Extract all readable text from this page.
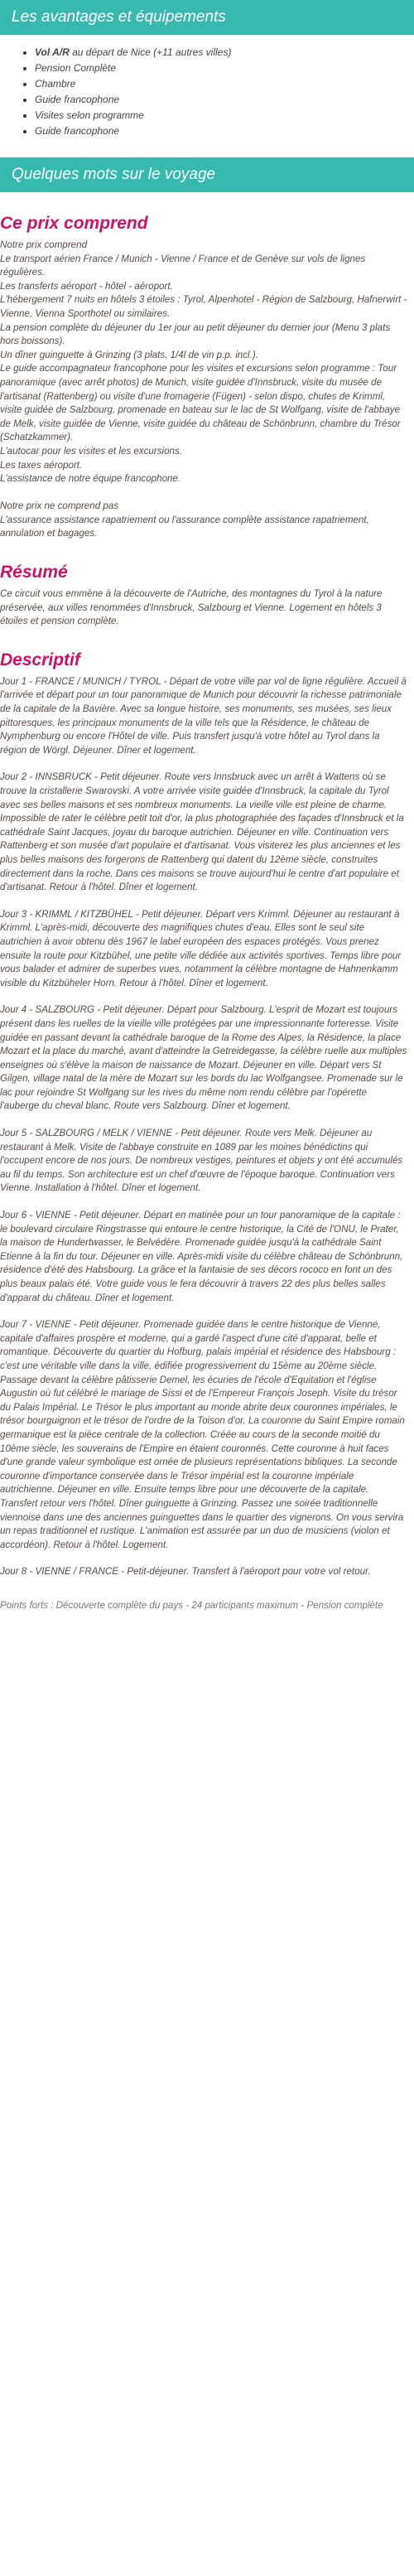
Les avantages et équipements
• Vol A/R au départ de Nice (+11 autres villes)
• Pension Complète
• Chambre
• Guide francophone
• Visites selon programme
• Guide francophone
Quelques mots sur le voyage
Ce prix comprend

Notre prix comprend
Le transport aérien France / Munich - Vienne / France et de Genève sur vols de lignes régulières.
Les transferts aéroport - hôtel - aéroport.
L'hébergement 7 nuits en hôtels 3 étoiles : Tyrol, Alpenhotel - Région de Salzbourg, Hafnerwirt - Vienne, Vienna Sporthotel ou similaires.
La pension complète du déjeuner du 1er jour au petit déjeuner du dernier jour (Menu 3 plats hors boissons).
Un dîner guinguette à Grinzing (3 plats, 1/4l de vin p.p. incl.).
Le guide accompagnateur francophone pour les visites et excursions selon programme : Tour panoramique (avec arrêt photos) de Munich, visite guidée d'Innsbruck, visite du musée de l'artisanat (Rattenberg) ou visite d'une fromagerie (Fügen) - selon dispo, chutes de Krimml, visite guidée de Salzbourg, promenade en bateau sur le lac de St Wolfgang, visite de l'abbaye de Melk, visite guidée de Vienne, visite guidée du château de Schönbrunn, chambre du Trésor (Schatzkammer).
L'autocar pour les visites et les excursions.
Les taxes aéroport.
L'assistance de notre équipe francophone.

Notre prix ne comprend pas
L'assurance assistance rapatriement ou l'assurance complète assistance rapatriement, annulation et bagages.

Résumé

Ce circuit vous emmène à la découverte de l'Autriche, des montagnes du Tyrol à la nature préservée, aux villes renommées d'Innsbruck, Salzbourg et Vienne. Logement en hôtels 3 étoiles et pension complète.

Descriptif

Jour 1 - FRANCE / MUNICH / TYROL - Départ de votre ville par vol de ligne régulière. Accueil à l'arrivée et départ pour un tour panoramique de Munich pour découvrir la richesse patrimoniale de la capitale de la Bavière. Avec sa longue histoire, ses monuments, ses musées, ses lieux pittoresques, les principaux monuments de la ville tels que la Résidence, le château de Nymphenburg ou encore l'Hôtel de ville. Puis transfert jusqu'à votre hôtel au Tyrol dans la région de Wörgl. Déjeuner. Dîner et logement.

Jour 2 - INNSBRUCK - Petit déjeuner. Route vers Innsbruck avec un arrêt à Wattens où se trouve la cristallerie Swarovski. A votre arrivée visite guidée d'Innsbruck, la capitale du Tyrol avec ses belles maisons et ses nombreux monuments. La vieille ville est pleine de charme. Impossible de rater le célèbre petit toit d'or, la plus photographiée des façades d'Innsbruck et la cathédrale Saint Jacques, joyau du baroque autrichien. Déjeuner en ville. Continuation vers Rattenberg et son musée d'art populaire et d'artisanat. Vous visiterez les plus anciennes et les plus belles maisons des forgerons de Rattenberg qui datent du 12ème siècle, construites directement dans la roche. Dans ces maisons se trouve aujourd'hui le centre d'art populaire et d'artisanat. Retour à l'hôtel. Dîner et logement.

Jour 3 - KRIMML / KITZBÜHEL - Petit déjeuner. Départ vers Krimml. Déjeuner au restaurant à Krimml. L'après-midi, découverte des magnifiques chutes d'eau. Elles sont le seul site autrichien à avoir obtenu dès 1967 le label européen des espaces protégés. Vous prenez ensuite la route pour Kitzbühel, une petite ville dédiée aux activités sportives. Temps libre pour vous balader et admirer de superbes vues, notamment la célèbre montagne de Hahnenkamm visible du Kitzbüheler Horn. Retour à l'hôtel. Dîner et logement.

Jour 4 - SALZBOURG - Petit déjeuner. Départ pour Salzbourg. L'esprit de Mozart est toujours présent dans les ruelles de la vieille ville protégées par une impressionnante forteresse. Visite guidée en passant devant la cathédrale baroque de la Rome des Alpes, la Résidence, la place Mozart et la place du marché, avant d'atteindre la Getreidegasse, la célèbre ruelle aux multiples enseignes où s'élève la maison de naissance de Mozart. Déjeuner en ville. Départ vers St Gilgen, village natal de la mère de Mozart sur les bords du lac Wolfgangsee. Promenade sur le lac pour rejoindre St Wolfgang sur les rives du même nom rendu célèbre par l'opérette l'auberge du cheval blanc. Route vers Salzbourg. Dîner et logement.

Jour 5 - SALZBOURG / MELK / VIENNE - Petit déjeuner. Route vers Melk. Déjeuner au restaurant à Melk. Visite de l'abbaye construite en 1089 par les moines bénédictins qui l'occupent encore de nos jours. De nombreux vestiges, peintures et objets y ont été accumulés au fil du temps. Son architecture est un chef d'œuvre de l'époque baroque. Continuation vers Vienne. Installation à l'hôtel. Dîner et logement.

Jour 6 - VIENNE - Petit déjeuner. Départ en matinée pour un tour panoramique de la capitale : le boulevard circulaire Ringstrasse qui entoure le centre historique, la Cité de l'ONU, le Prater, la maison de Hundertwasser, le Belvédère. Promenade guidée jusqu'à la cathédrale Saint Etienne à la fin du tour. Déjeuner en ville. Après-midi visite du célèbre château de Schönbrunn, résidence d'été des Habsbourg. La grâce et la fantaisie de ses décors rococo en font un des plus beaux palais été. Votre guide vous le fera découvrir à travers 22 des plus belles salles d'apparat du château. Dîner et logement.

Jour 7 - VIENNE - Petit déjeuner. Promenade guidée dans le centre historique de Vienne, capitale d'affaires prospère et moderne, qui a gardé l'aspect d'une cité d'apparat, belle et romantique. Découverte du quartier du Hofburg, palais impérial et résidence des Habsbourg : c'est une véritable ville dans la ville, édifiée progressivement du 15ème au 20ème siècle. Passage devant la célèbre pâtisserie Demel, les écuries de l'école d'Equitation et l'église Augustin où fut célébré le mariage de Sissi et de l'Empereur François Joseph. Visite du trésor du Palais Impérial. Le Trésor le plus important au monde abrite deux couronnes impériales, le trésor bourguignon et le trésor de l'ordre de la Toison d'or. La couronne du Saint Empire romain germanique est la pièce centrale de la collection. Créée au cours de la seconde moitié du 10ème siècle, les souverains de l'Empire en étaient couronnés. Cette couronne à huit faces d'une grande valeur symbolique est ornée de plusieurs représentations bibliques. La seconde couronne d'importance conservée dans le Trésor impérial est la couronne impériale autrichienne. Déjeuner en ville. Ensuite temps libre pour une découverte de la capitale. Transfert retour vers l'hôtel. Dîner guinguette à Grinzing. Passez une soirée traditionnelle viennoise dans une des anciennes guinguettes dans le quartier des vignerons. On vous servira un repas traditionnel et rustique. L'animation est assurée par un duo de musiciens (violon et accordéon). Retour à l'hôtel. Logement.

Jour 8 - VIENNE / FRANCE - Petit-déjeuner. Transfert à l'aéroport pour votre vol retour.

Points forts : Découverte complète du pays - 24 participants maximum - Pension complète
